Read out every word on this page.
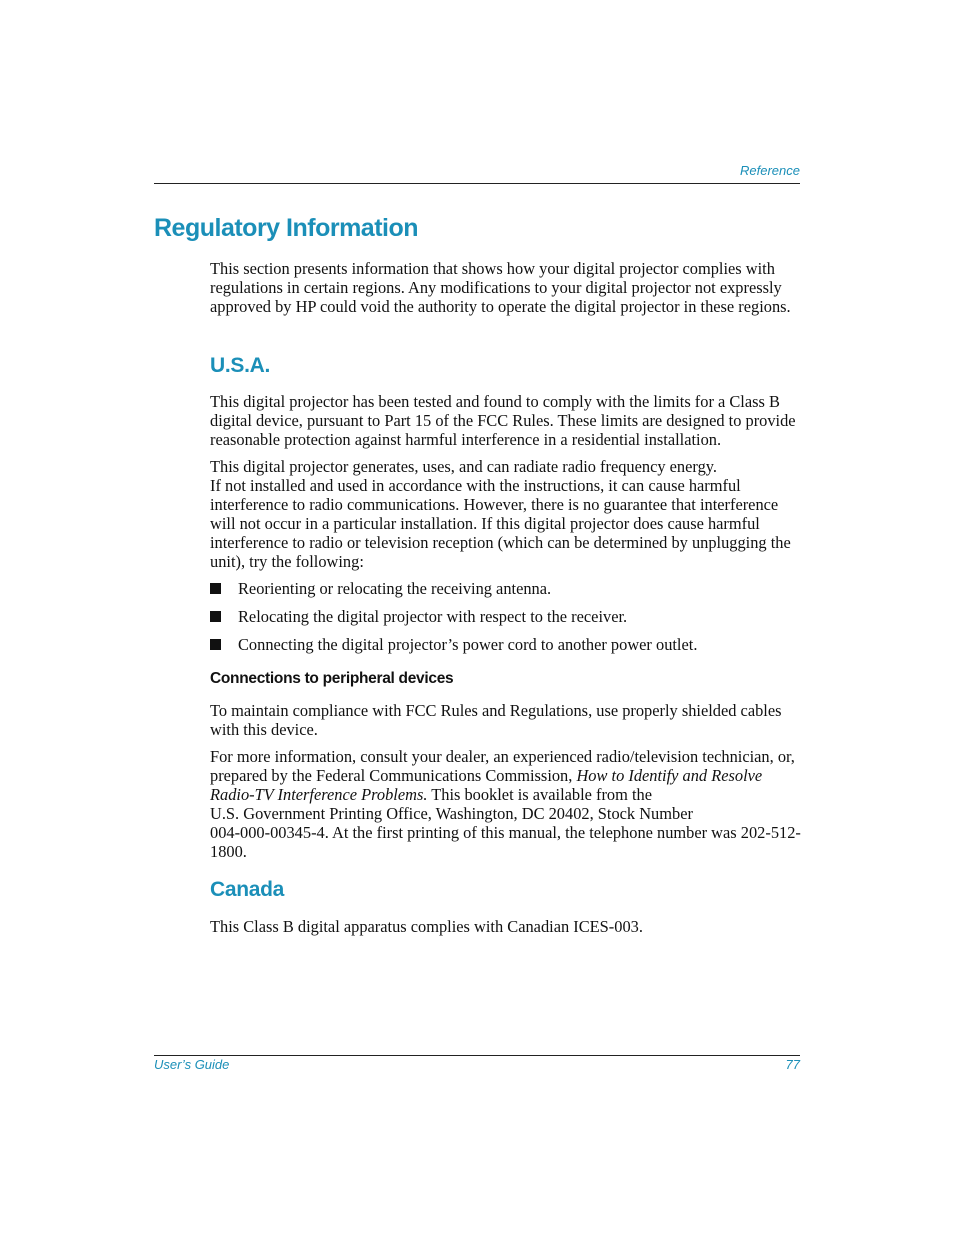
Reference
Regulatory Information

This section presents information that shows how your digital projector complies with regulations in certain regions. Any modifications to your digital projector not expressly approved by HP could void the authority to operate the digital projector in these regions.

U.S.A.

This digital projector has been tested and found to comply with the limits for a Class B digital device, pursuant to Part 15 of the FCC Rules. These limits are designed to provide reasonable protection against harmful interference in a residential installation.

This digital projector generates, uses, and can radiate radio frequency energy.
If not installed and used in accordance with the instructions, it can cause harmful interference to radio communications. However, there is no guarantee that interference will not occur in a particular installation. If this digital projector does cause harmful interference to radio or television reception (which can be determined by unplugging the unit), try the following:

Reorienting or relocating the receiving antenna.
Relocating the digital projector with respect to the receiver.
Connecting the digital projector’s power cord to another power outlet.
Connections to peripheral devices

To maintain compliance with FCC Rules and Regulations, use properly shielded cables with this device.

For more information, consult your dealer, an experienced radio/television technician, or, prepared by the Federal Communications Commission, How to Identify and Resolve Radio-TV Interference Problems. This booklet is available from the
U.S. Government Printing Office, Washington, DC 20402, Stock Number
004-000-00345-4. At the first printing of this manual, the telephone number was 202-512-1800.

Canada

This Class B digital apparatus complies with Canadian ICES-003.

User’s Guide	77
